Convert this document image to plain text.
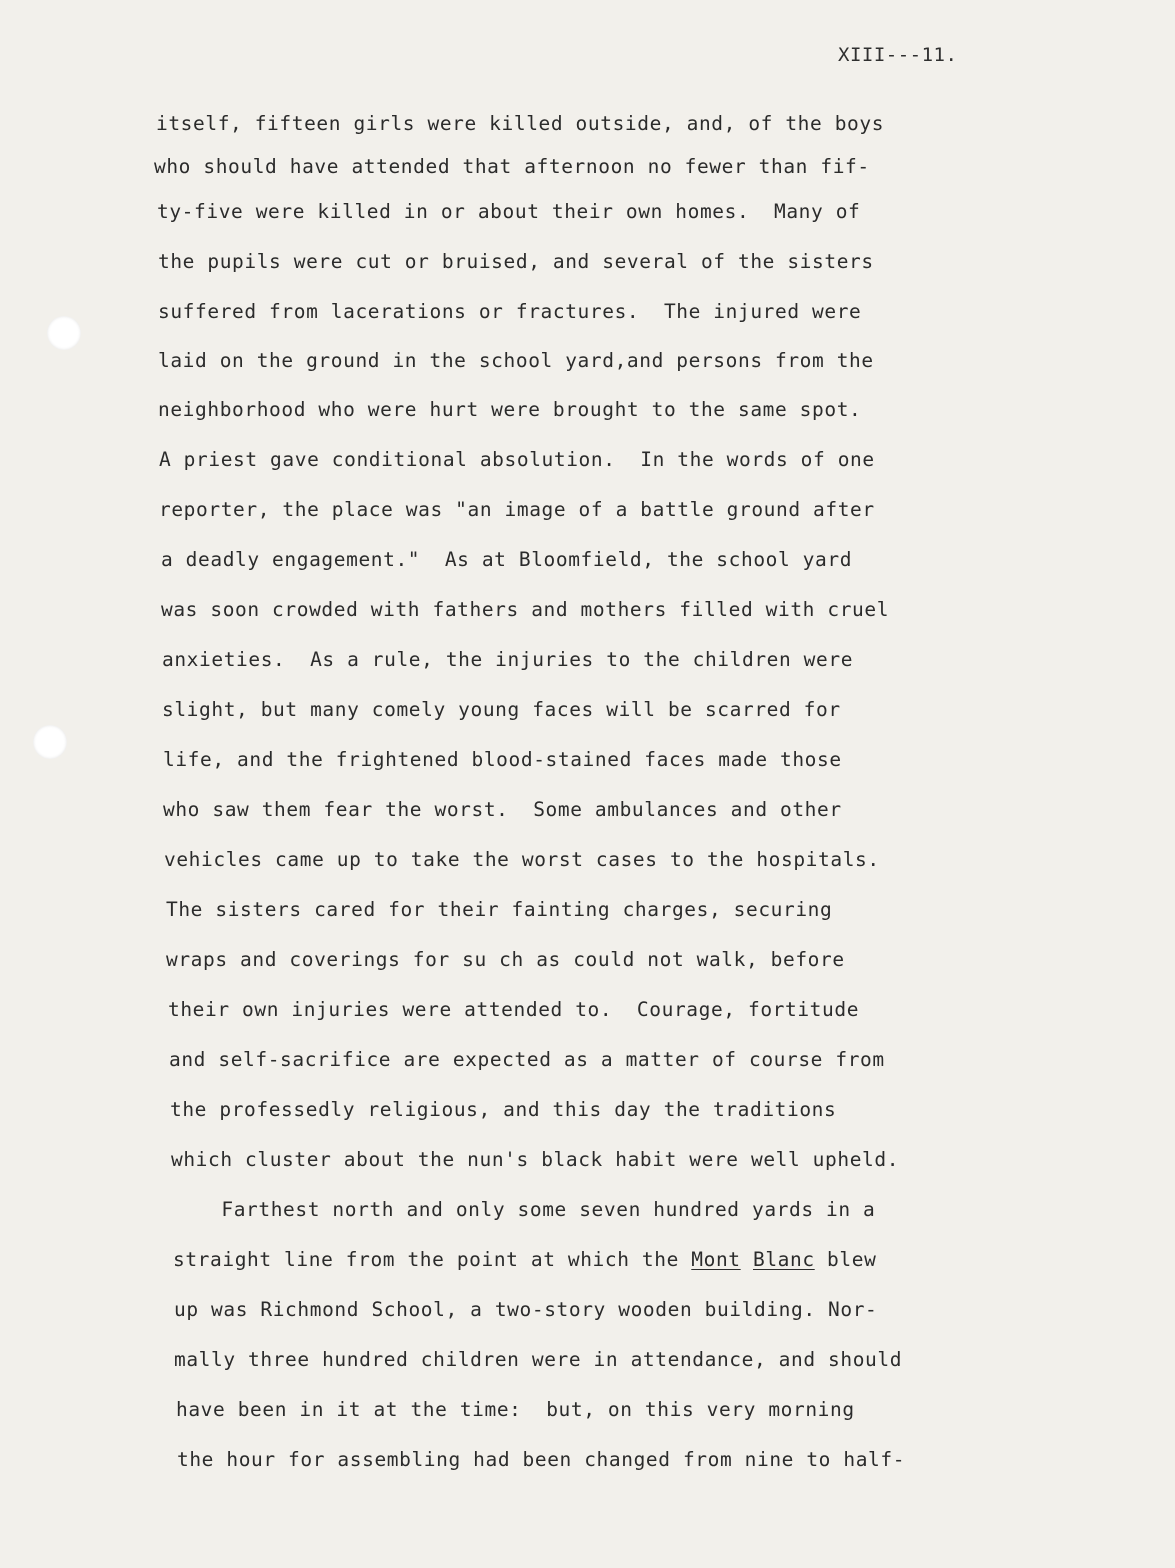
XIII---11.
itself, fifteen girls were killed outside, and, of the boys
who should have attended that afternoon no fewer than fif-
ty-five were killed in or about their own homes.  Many of
the pupils were cut or bruised, and several of the sisters
suffered from lacerations or fractures.  The injured were
laid on the ground in the school yard,and persons from the
neighborhood who were hurt were brought to the same spot.
A priest gave conditional absolution.  In the words of one
reporter, the place was "an image of a battle ground after
a deadly engagement."  As at Bloomfield, the school yard
was soon crowded with fathers and mothers filled with cruel
anxieties.  As a rule, the injuries to the children were
slight, but many comely young faces will be scarred for
life, and the frightened blood-stained faces made those
who saw them fear the worst.  Some ambulances and other
vehicles came up to take the worst cases to the hospitals.
The sisters cared for their fainting charges, securing
wraps and coverings for su ch as could not walk, before
their own injuries were attended to.  Courage, fortitude
and self-sacrifice are expected as a matter of course from
the professedly religious, and this day the traditions
which cluster about the nun's black habit were well upheld.
Farthest north and only some seven hundred yards in a
straight line from the point at which the Mont Blanc blew
up was Richmond School, a two-story wooden building. Nor-
mally three hundred children were in attendance, and should
have been in it at the time:  but, on this very morning
the hour for assembling had been changed from nine to half-
